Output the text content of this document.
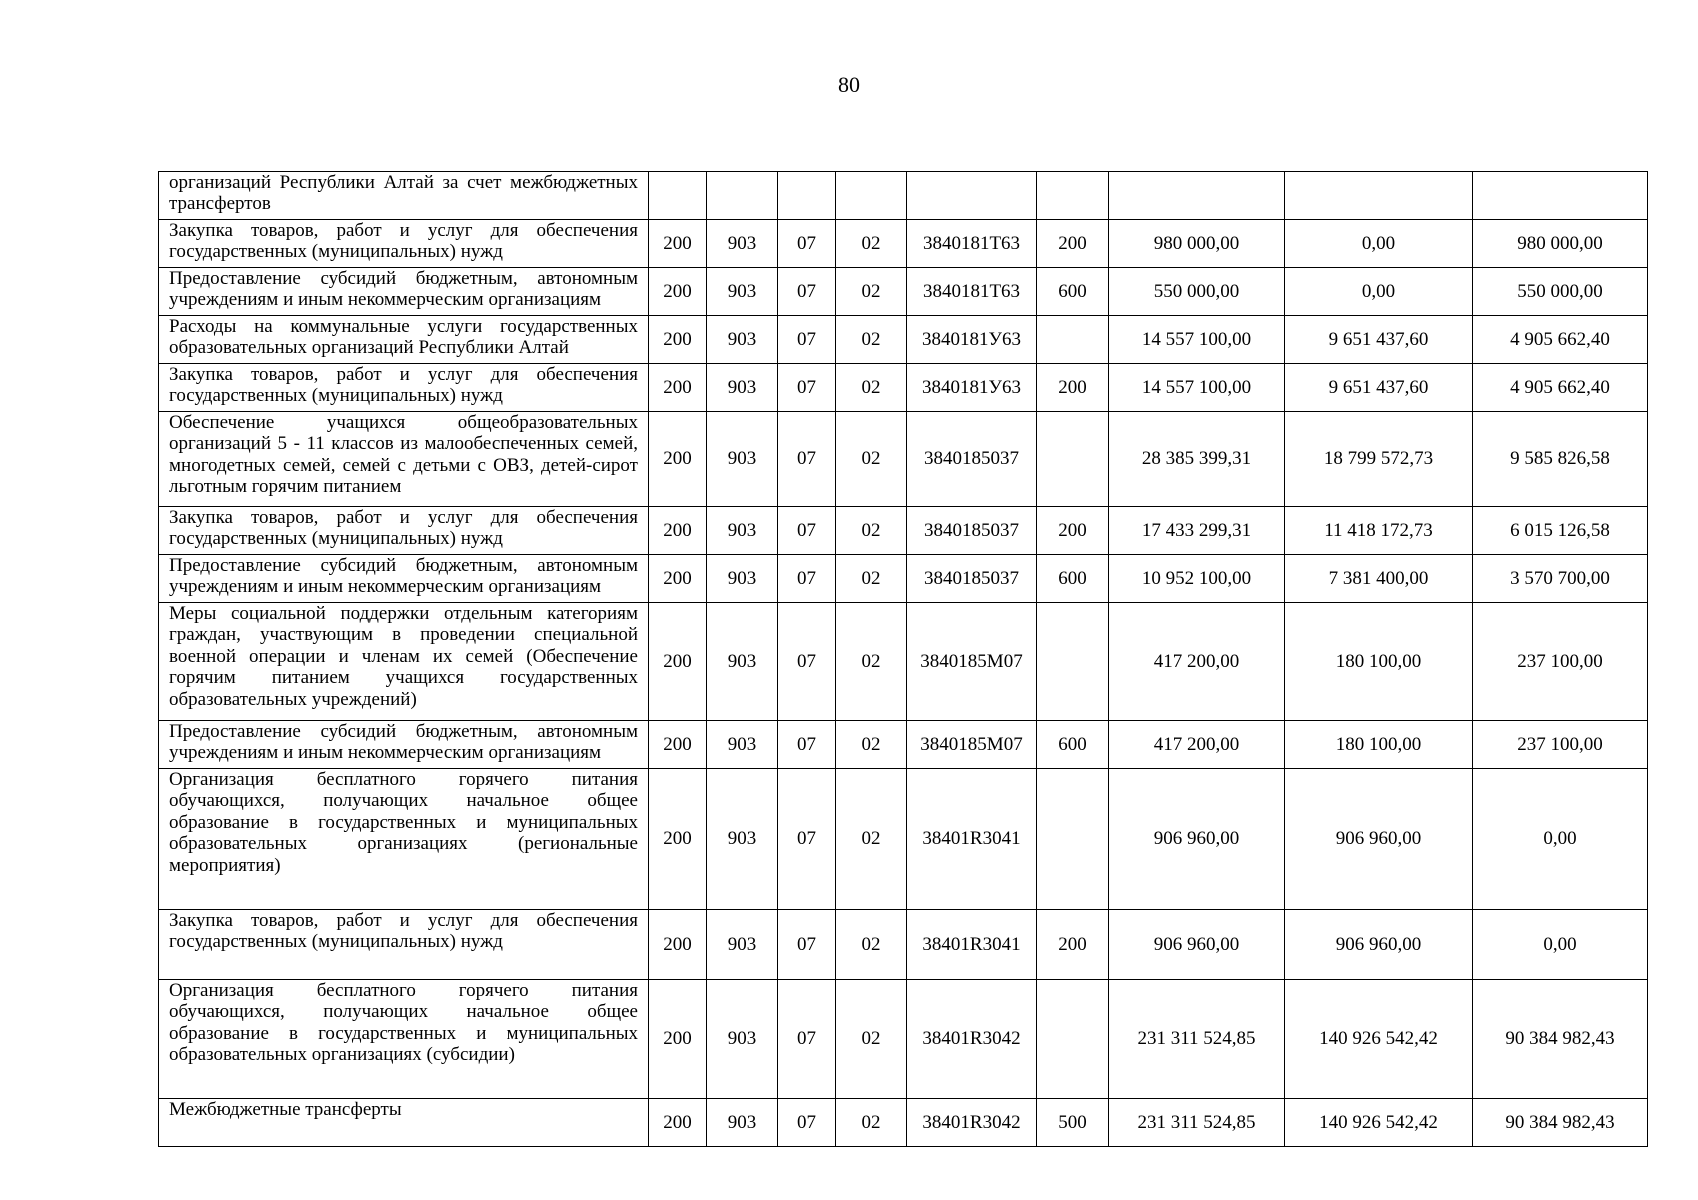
80
организаций Республики Алтай за счет межбюджетных трансфертов									
Закупка товаров, работ и услуг для обеспечения государственных (муниципальных) нужд	200	903	07	02	3840181Т63	200	980 000,00	0,00	980 000,00
Предоставление субсидий бюджетным, автономным учреждениям и иным некоммерческим организациям	200	903	07	02	3840181Т63	600	550 000,00	0,00	550 000,00
Расходы на коммунальные услуги государственных образовательных организаций Республики Алтай	200	903	07	02	3840181У63		14 557 100,00	9 651 437,60	4 905 662,40
Закупка товаров, работ и услуг для обеспечения государственных (муниципальных) нужд	200	903	07	02	3840181У63	200	14 557 100,00	9 651 437,60	4 905 662,40
Обеспечение учащихся общеобразовательных организаций 5 - 11 классов из малообеспеченных семей, многодетных семей, семей с детьми с ОВЗ, детей-сирот льготным горячим питанием	200	903	07	02	3840185037		28 385 399,31	18 799 572,73	9 585 826,58
Закупка товаров, работ и услуг для обеспечения государственных (муниципальных) нужд	200	903	07	02	3840185037	200	17 433 299,31	11 418 172,73	6 015 126,58
Предоставление субсидий бюджетным, автономным учреждениям и иным некоммерческим организациям	200	903	07	02	3840185037	600	10 952 100,00	7 381 400,00	3 570 700,00
Меры социальной поддержки отдельным категориям граждан, участвующим в проведении специальной военной операции и членам их семей (Обеспечение горячим питанием учащихся государственных образовательных учреждений)	200	903	07	02	3840185М07		417 200,00	180 100,00	237 100,00
Предоставление субсидий бюджетным, автономным учреждениям и иным некоммерческим организациям	200	903	07	02	3840185М07	600	417 200,00	180 100,00	237 100,00
Организация бесплатного горячего питания обучающихся, получающих начальное общее образование в государственных и муниципальных образовательных организациях (региональные мероприятия)	200	903	07	02	38401R3041		906 960,00	906 960,00	0,00
Закупка товаров, работ и услуг для обеспечения государственных (муниципальных) нужд	200	903	07	02	38401R3041	200	906 960,00	906 960,00	0,00
Организация бесплатного горячего питания обучающихся, получающих начальное общее образование в государственных и муниципальных образовательных организациях (субсидии)	200	903	07	02	38401R3042		231 311 524,85	140 926 542,42	90 384 982,43
Межбюджетные трансферты	200	903	07	02	38401R3042	500	231 311 524,85	140 926 542,42	90 384 982,43
